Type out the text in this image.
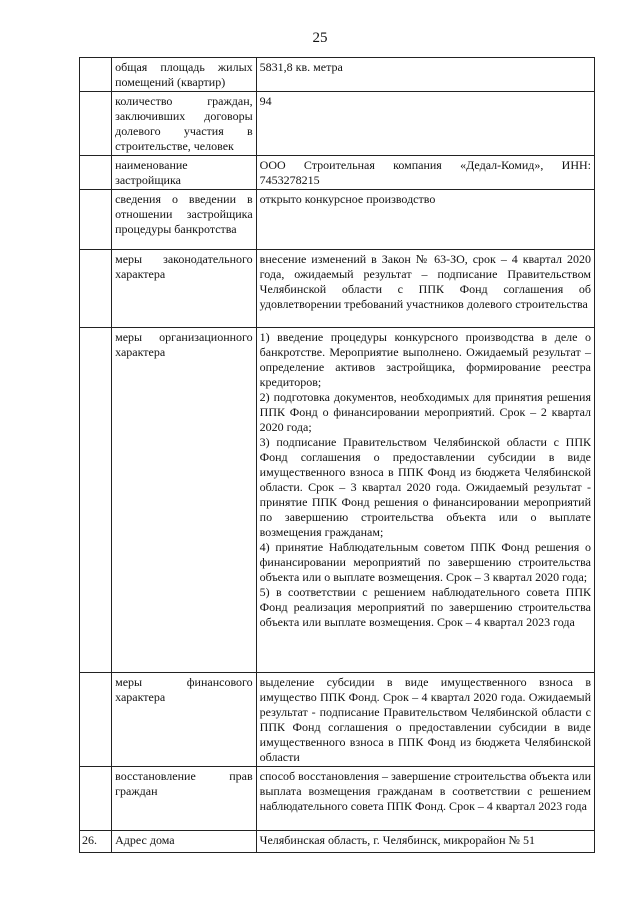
25
	общая площадь жилых помещений (квартир)	5831,8 кв. метра
	количество граждан, заключивших договоры долевого участия в строительстве, человек	94
	наименование застройщика	ООО Строительная компания «Дедал-Комид», ИНН: 7453278215
	сведения о введении в отношении застройщика процедуры банкротства	открыто конкурсное производство
	меры законодательного характера	внесение изменений в Закон № 63-ЗО, срок – 4 квартал 2020 года, ожидаемый результат – подписание Правительством Челябинской области с ППК Фонд соглашения об удовлетворении требований участников долевого строительства
	меры организационного характера	1) введение процедуры конкурсного производства в деле о банкротстве. Мероприятие выполнено. Ожидаемый результат – определение активов застройщика, формирование реестра кредиторов;
2) подготовка документов, необходимых для принятия решения ППК Фонд о финансировании мероприятий. Срок – 2 квартал 2020 года;
3) подписание Правительством Челябинской области с ППК Фонд соглашения о предоставлении субсидии в виде имущественного взноса в ППК Фонд из бюджета Челябинской области. Срок – 3 квартал 2020 года. Ожидаемый результат - принятие ППК Фонд решения о финансировании мероприятий по завершению строительства объекта или о выплате возмещения гражданам;
4) принятие Наблюдательным советом ППК Фонд решения о финансировании мероприятий по завершению строительства объекта или о выплате возмещения. Срок – 3 квартал 2020 года;
5) в соответствии с решением наблюдательного совета ППК Фонд реализация мероприятий по завершению строительства объекта или выплате возмещения. Срок – 4 квартал 2023 года
	меры финансового характера	выделение субсидии в виде имущественного взноса в имущество ППК Фонд. Срок – 4 квартал 2020 года. Ожидаемый результат - подписание Правительством Челябинской области с ППК Фонд соглашения о предоставлении субсидии в виде имущественного взноса в ППК Фонд из бюджета Челябинской области
	восстановление прав граждан	способ восстановления – завершение строительства объекта или выплата возмещения гражданам в соответствии с решением наблюдательного совета ППК Фонд. Срок – 4 квартал 2023 года
26.	Адрес дома	Челябинская область, г. Челябинск, микрорайон № 51
